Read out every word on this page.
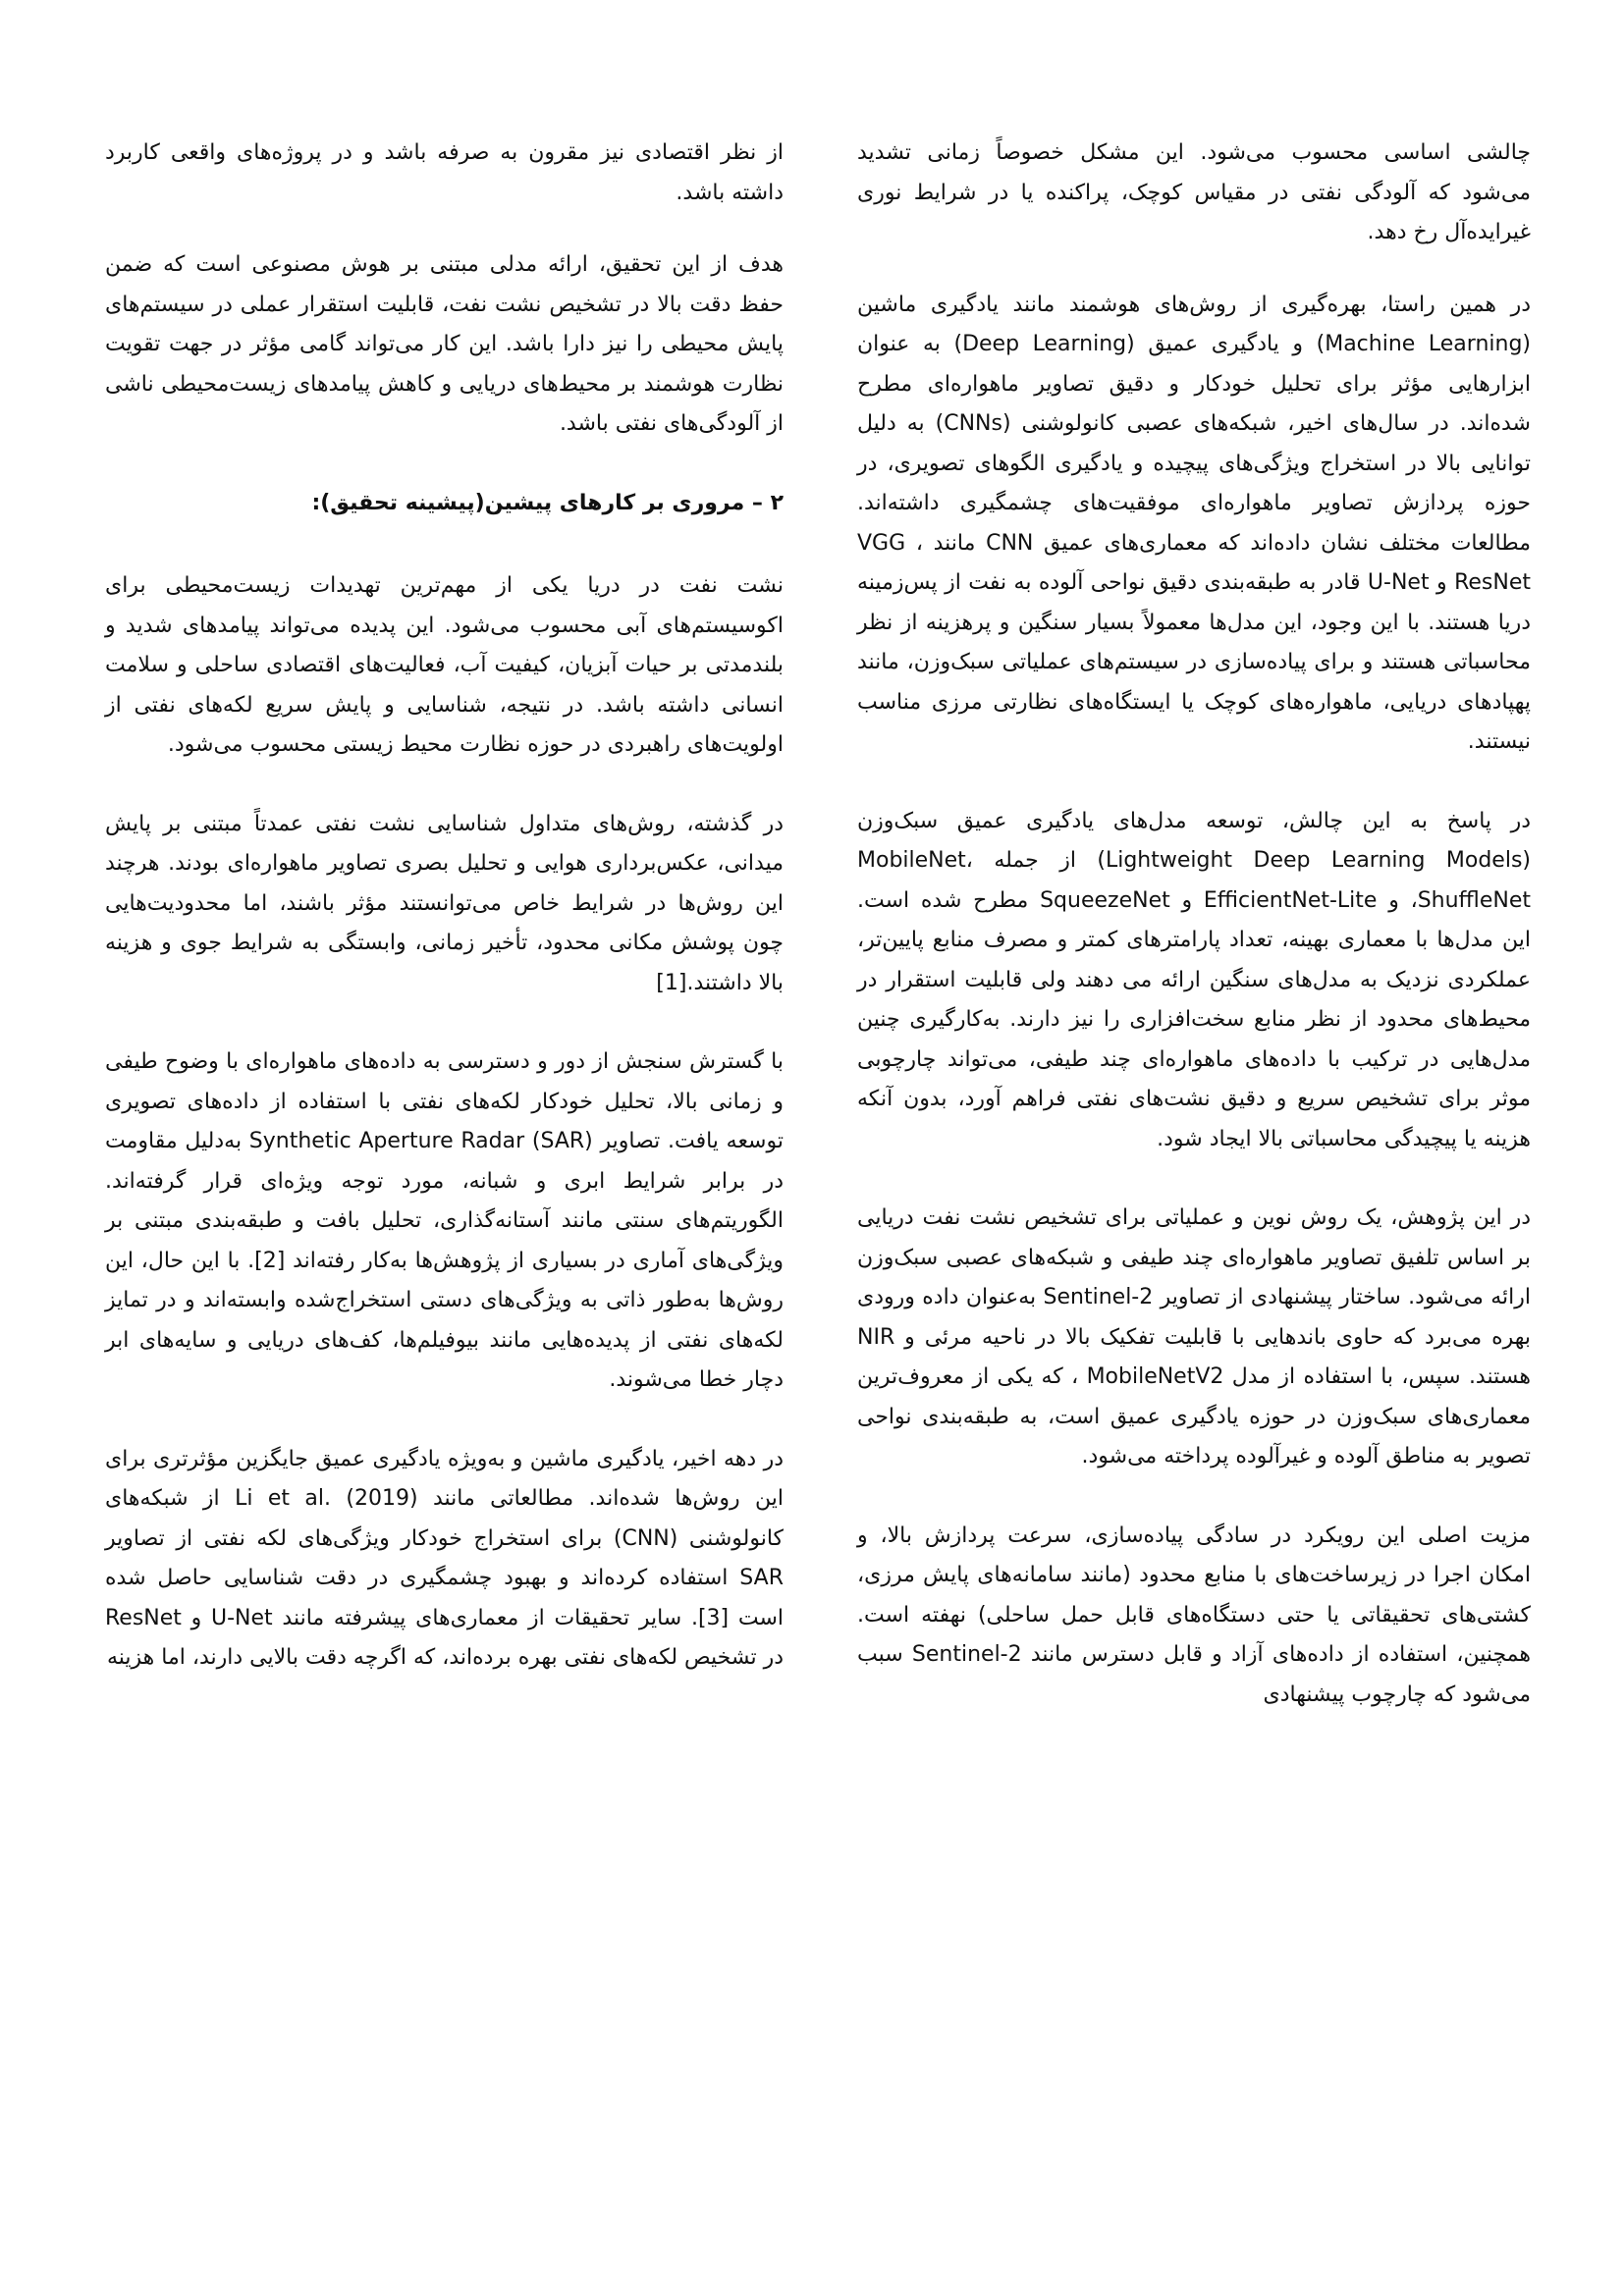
چالشی اساسی محسوب می‌شود. این مشکل خصوصاً زمانی تشدید می‌شود که آلودگی نفتی در مقیاس کوچک، پراکنده یا در شرایط نوری غیرایده‌آل رخ دهد.

در همین راستا، بهره‌گیری از روش‌های هوشمند مانند یادگیری ماشین (Machine Learning) و یادگیری عمیق (Deep Learning) به عنوان ابزارهایی مؤثر برای تحلیل خودکار و دقیق تصاویر ماهواره‌ای مطرح شده‌اند. در سال‌های اخیر، شبکه‌های عصبی کانولوشنی (CNNs) به دلیل توانایی بالا در استخراج ویژگی‌های پیچیده و یادگیری الگوهای تصویری، در حوزه پردازش تصاویر ماهواره‌ای موفقیت‌های چشمگیری داشته‌اند. مطالعات مختلف نشان داده‌اند که معماری‌های عمیق CNN مانند VGG ، ResNet و U-Net قادر به طبقه‌بندی دقیق نواحی آلوده به نفت از پس‌زمینه دریا هستند. با این وجود، این مدل‌ها معمولاً بسیار سنگین و پرهزینه از نظر محاسباتی هستند و برای پیاده‌سازی در سیستم‌های عملیاتی سبک‌وزن، مانند پهپادهای دریایی، ماهواره‌های کوچک یا ایستگاه‌های نظارتی مرزی مناسب نیستند.

در پاسخ به این چالش، توسعه مدل‌های یادگیری عمیق سبک‌وزن (Lightweight Deep Learning Models) از جمله MobileNet، ShuffleNet، و EfficientNet-Lite و SqueezeNet مطرح شده است. این مدل‌ها با معماری بهینه، تعداد پارامترهای کمتر و مصرف منابع پایین‌تر، عملکردی نزدیک به مدل‌های سنگین ارائه می دهند ولی قابلیت استقرار در محیط‌های محدود از نظر منابع سخت‌افزاری را نیز دارند. به‌کارگیری چنین مدل‌هایی در ترکیب با داده‌های ماهواره‌ای چند طیفی، می‌تواند چارچوبی موثر برای تشخیص سریع و دقیق نشت‌های نفتی فراهم آورد، بدون آنکه هزینه یا پیچیدگی محاسباتی بالا ایجاد شود.

در این پژوهش، یک روش نوین و عملیاتی برای تشخیص نشت نفت دریایی بر اساس تلفیق تصاویر ماهواره‌ای چند طیفی و شبکه‌های عصبی سبک‌وزن ارائه می‌شود. ساختار پیشنهادی از تصاویر Sentinel-2 به‌عنوان داده ورودی بهره می‌برد که حاوی باندهایی با قابلیت تفکیک بالا در ناحیه مرئی و NIR هستند. سپس، با استفاده از مدل MobileNetV2 ، که یکی از معروف‌ترین معماری‌های سبک‌وزن در حوزه یادگیری عمیق است، به طبقه‌بندی نواحی تصویر به مناطق آلوده و غیرآلوده پرداخته می‌شود.

مزیت اصلی این رویکرد در سادگی پیاده‌سازی، سرعت پردازش بالا، و امکان اجرا در زیرساخت‌های با منابع محدود (مانند سامانه‌های پایش مرزی، کشتی‌های تحقیقاتی یا حتی دستگاه‌های قابل حمل ساحلی) نهفته است. همچنین، استفاده از داده‌های آزاد و قابل دسترس مانند Sentinel-2 سبب می‌شود که چارچوب پیشنهادی

از نظر اقتصادی نیز مقرون به صرفه باشد و در پروژه‌های واقعی کاربرد داشته باشد.

هدف از این تحقیق، ارائه مدلی مبتنی بر هوش مصنوعی است که ضمن حفظ دقت بالا در تشخیص نشت نفت، قابلیت استقرار عملی در سیستم‌های پایش محیطی را نیز دارا باشد. این کار می‌تواند گامی مؤثر در جهت تقویت نظارت هوشمند بر محیط‌های دریایی و کاهش پیامدهای زیست‌محیطی ناشی از آلودگی‌های نفتی باشد.

۲ – مروری بر کارهای پیشین(پیشینه تحقیق):

نشت نفت در دریا یکی از مهم‌ترین تهدیدات زیست‌محیطی برای اکوسیستم‌های آبی محسوب می‌شود. این پدیده می‌تواند پیامدهای شدید و بلندمدتی بر حیات آبزیان، کیفیت آب، فعالیت‌های اقتصادی ساحلی و سلامت انسانی داشته باشد. در نتیجه، شناسایی و پایش سریع لکه‌های نفتی از اولویت‌های راهبردی در حوزه نظارت محیط زیستی محسوب می‌شود.

در گذشته، روش‌های متداول شناسایی نشت نفتی عمدتاً مبتنی بر پایش میدانی، عکس‌برداری هوایی و تحلیل بصری تصاویر ماهواره‌ای بودند. هرچند این روش‌ها در شرایط خاص می‌توانستند مؤثر باشند، اما محدودیت‌هایی چون پوشش مکانی محدود، تأخیر زمانی، وابستگی به شرایط جوی و هزینه بالا داشتند.[1]

با گسترش سنجش از دور و دسترسی به داده‌های ماهواره‌ای با وضوح طیفی و زمانی بالا، تحلیل خودکار لکه‌های نفتی با استفاده از داده‌های تصویری توسعه یافت. تصاویر Synthetic Aperture Radar (SAR) به‌دلیل مقاومت در برابر شرایط ابری و شبانه، مورد توجه ویژه‌ای قرار گرفته‌اند. الگوریتم‌های سنتی مانند آستانه‌گذاری، تحلیل بافت و طبقه‌بندی مبتنی بر ویژگی‌های آماری در بسیاری از پژوهش‌ها به‌کار رفته‌اند [2]. با این حال، این روش‌ها به‌طور ذاتی به ویژگی‌های دستی استخراج‌شده وابسته‌اند و در تمایز لکه‌های نفتی از پدیده‌هایی مانند بیوفیلم‌ها، کف‌های دریایی و سایه‌های ابر دچار خطا می‌شوند.

در دهه اخیر، یادگیری ماشین و به‌ویژه یادگیری عمیق جایگزین مؤثرتری برای این روش‌ها شده‌اند. مطالعاتی مانند Li et al. (2019) از شبکه‌های کانولوشنی (CNN) برای استخراج خودکار ویژگی‌های لکه نفتی از تصاویر SAR استفاده کرده‌اند و بهبود چشمگیری در دقت شناسایی حاصل شده است [3]. سایر تحقیقات از معماری‌های پیشرفته مانند U-Net و ResNet در تشخیص لکه‌های نفتی بهره برده‌اند، که اگرچه دقت بالایی دارند، اما هزینه
